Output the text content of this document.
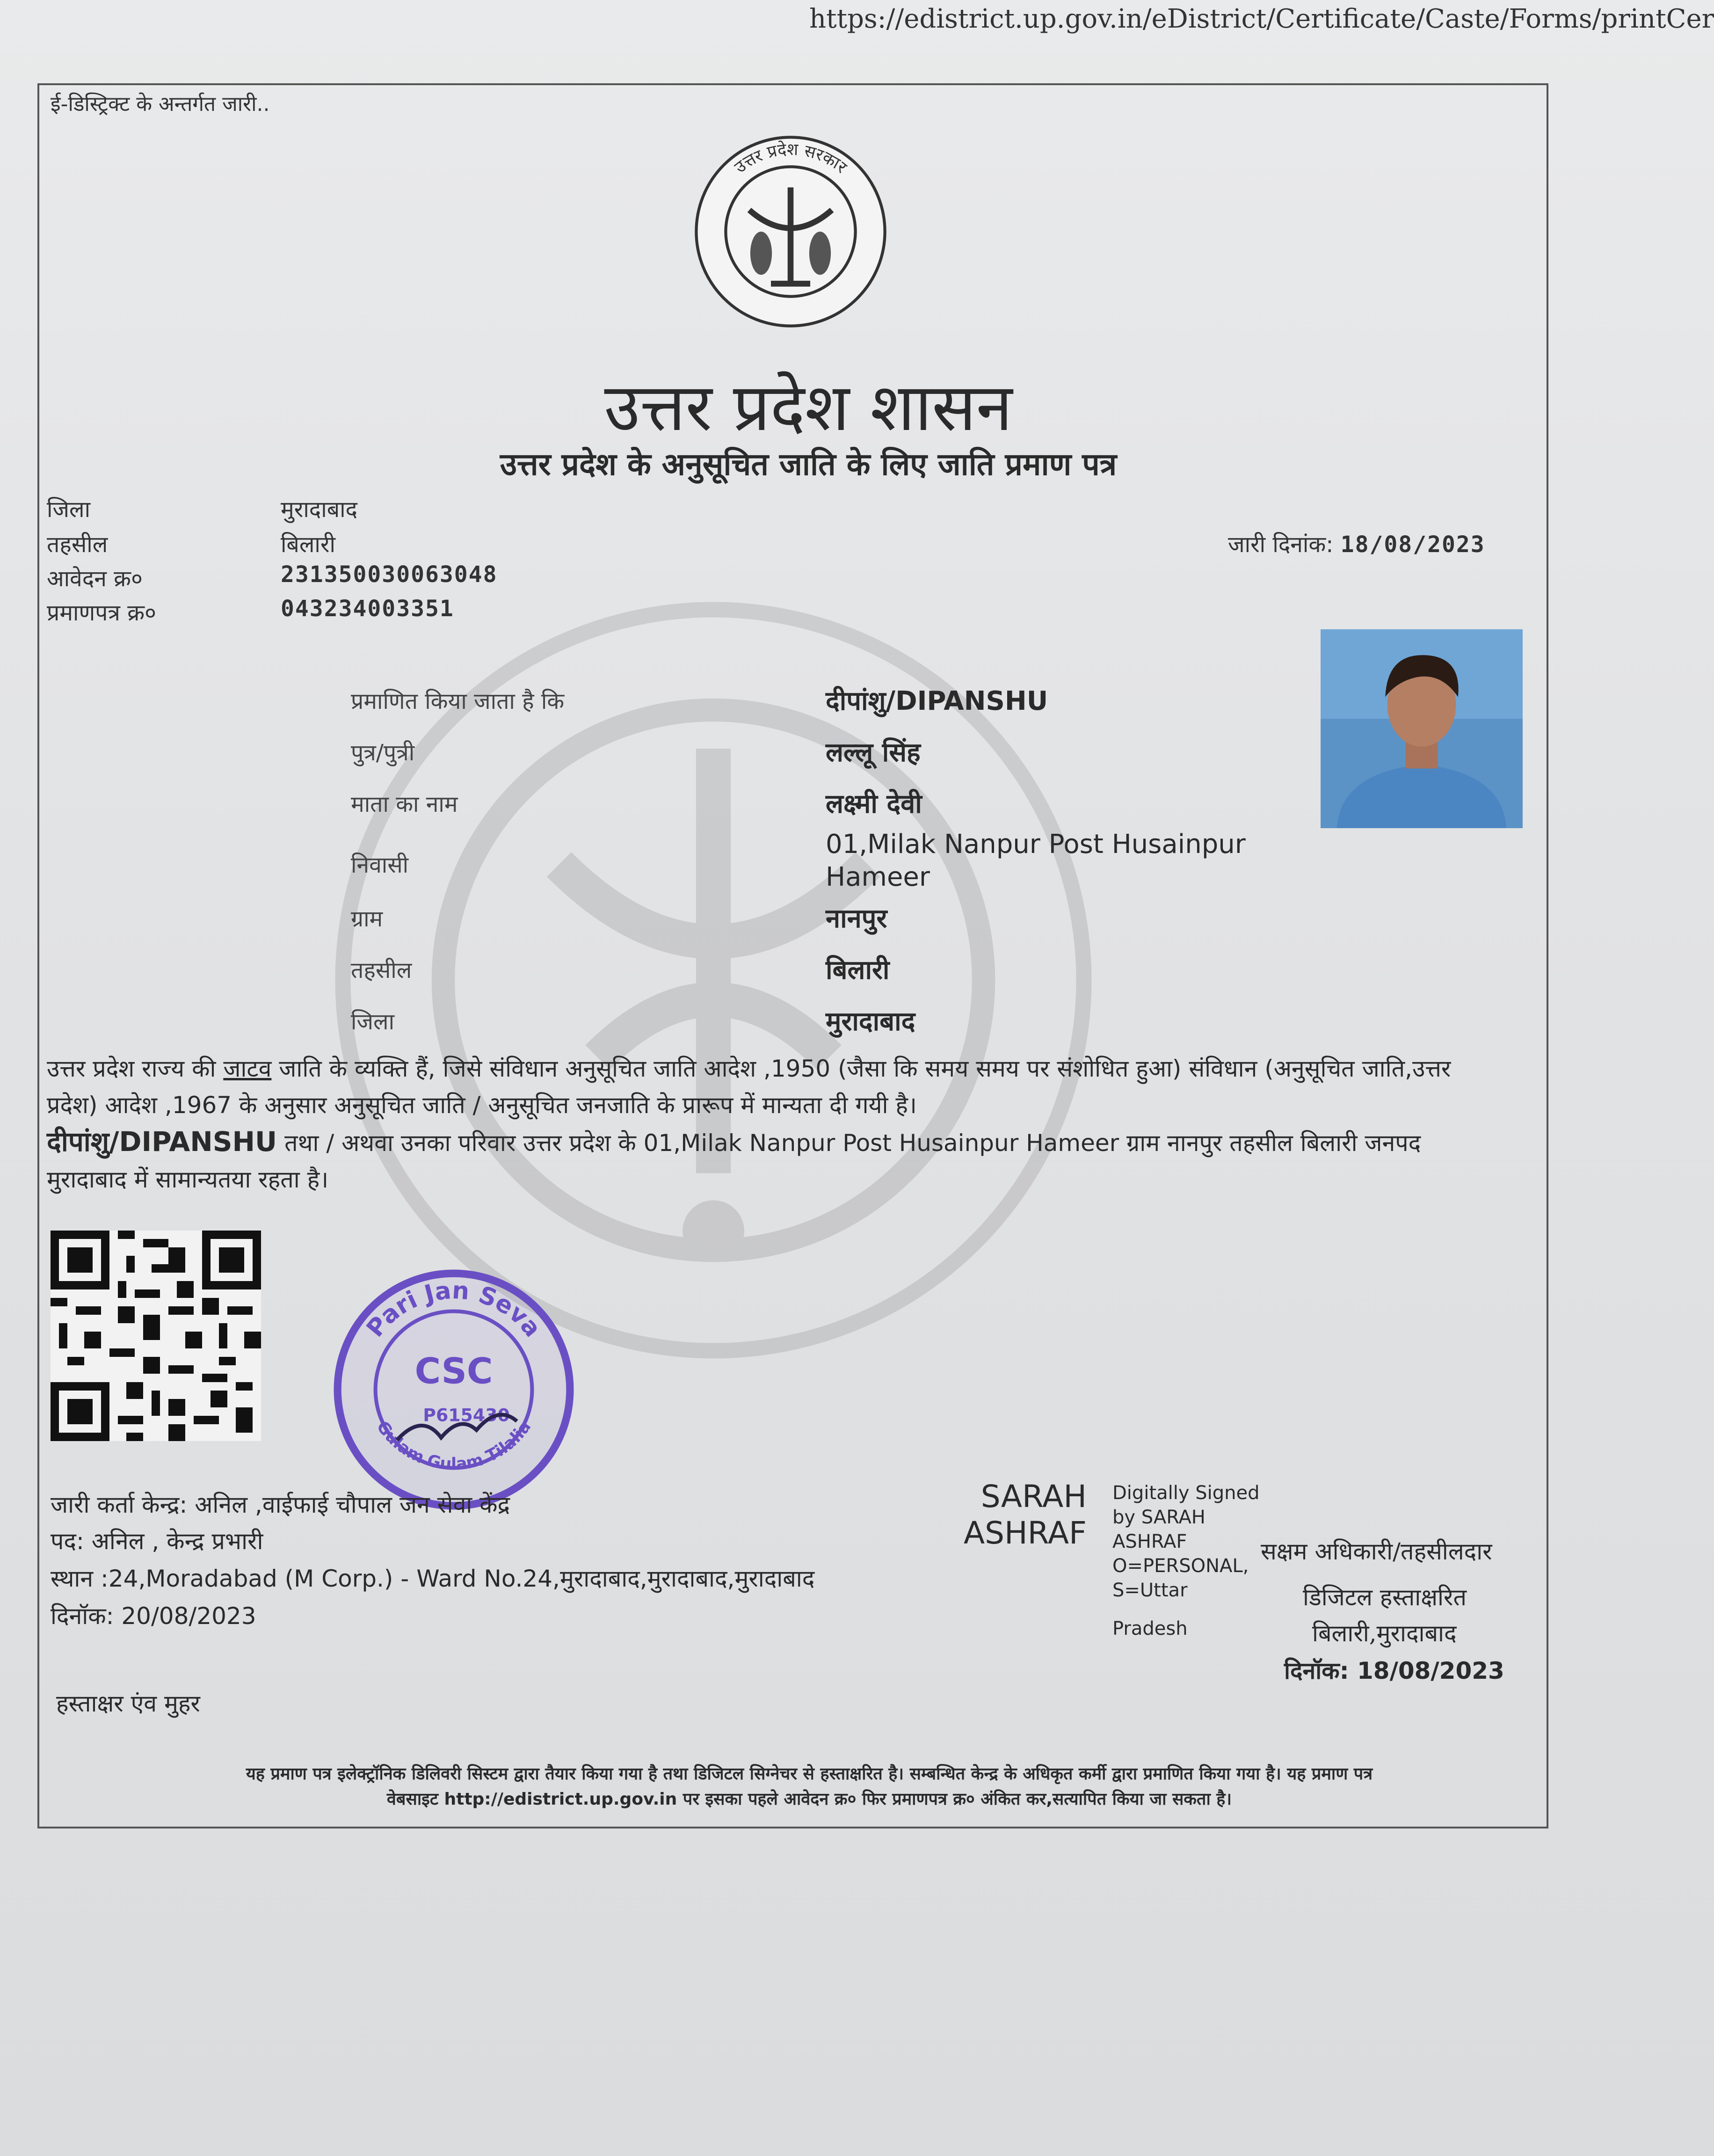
https://edistrict.up.gov.in/eDistrict/Certificate/Caste/Forms/printCer
ई-डिस्ट्रिक्ट के अन्तर्गत जारी..
उत्तर प्रदेश सरकार
उत्तर प्रदेश शासन
उत्तर प्रदेश के अनुसूचित जाति के लिए जाति प्रमाण पत्र
जिला	मुरादाबाद
तहसील	बिलारी
आवेदन क्र०	231350030063048
प्रमाणपत्र क्र०	043234003351
जारी दिनांक: 18/08/2023
प्रमाणित किया जाता है कि	दीपांशु/DIPANSHU
पुत्र/पुत्री	लल्लू सिंह
माता का नाम	लक्ष्मी देवी
निवासी
01,Milak Nanpur Post Husainpur
Hameer
ग्राम	नानपुर
तहसील	बिलारी
जिला	मुरादाबाद
उत्तर प्रदेश राज्य की जाटव जाति के व्यक्ति हैं, जिसे संविधान अनुसूचित जाति आदेश ,1950 (जैसा कि समय समय पर संशोधित हुआ) संविधान (अनुसूचित जाति,उत्तर प्रदेश) आदेश ,1967 के अनुसार अनुसूचित जाति / अनुसूचित जनजाति के प्रारूप में मान्यता दी गयी है।
दीपांशु/DIPANSHU तथा / अथवा उनका परिवार उत्तर प्रदेश के 01,Milak Nanpur Post Husainpur Hameer ग्राम नानपुर तहसील बिलारी जनपद मुरादाबाद में सामान्यतया रहता है।
Pari Jan Seva
Gulam Gulam Tilalia
CSC
P615430
जारी कर्ता केन्द्र: अनिल ,वाईफाई चौपाल जन सेवा केंद्र
पद: अनिल , केन्द्र प्रभारी
स्थान :24,Moradabad (M Corp.) - Ward No.24,मुरादाबाद,मुरादाबाद,मुरादाबाद
दिनॉक: 20/08/2023
हस्ताक्षर एंव मुहर
SARAH
ASHRAF
Digitally Signed
by SARAH
ASHRAF
O=PERSONAL,
S=Uttar
Pradesh
सक्षम अधिकारी/तहसीलदार
डिजिटल हस्ताक्षरित
बिलारी,मुरादाबाद
दिनॉक: 18/08/2023
यह प्रमाण पत्र इलेक्ट्रॉनिक डिलिवरी सिस्टम द्वारा तैयार किया गया है तथा डिजिटल सिग्नेचर से हस्ताक्षरित है। सम्बन्धित केन्द्र के अधिकृत कर्मी द्वारा प्रमाणित किया गया है। यह प्रमाण पत्र
वेबसाइट http://edistrict.up.gov.in पर इसका पहले आवेदन क्र० फिर प्रमाणपत्र क्र० अंकित कर,सत्यापित किया जा सकता है।
